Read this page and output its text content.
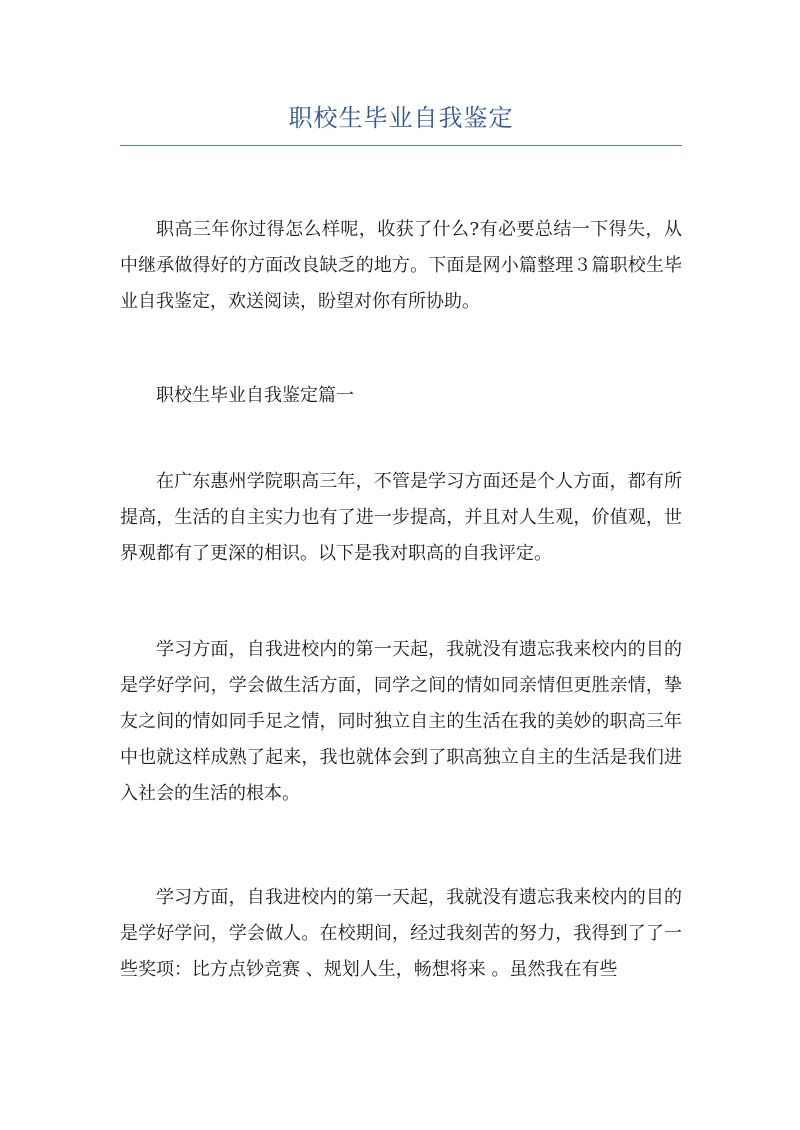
职校生毕业自我鉴定

职高三年你过得怎么样呢，收获了什么?有必要总结一下得失，从中继承做得好的方面改良缺乏的地方。下面是网小篇整理３篇职校生毕业自我鉴定，欢送阅读，盼望对你有所协助。

职校生毕业自我鉴定篇一

在广东惠州学院职高三年，不管是学习方面还是个人方面，都有所提高，生活的自主实力也有了进一步提高，并且对人生观，价值观，世界观都有了更深的相识。以下是我对职高的自我评定。

学习方面，自我进校内的第一天起，我就没有遗忘我来校内的目的是学好学问，学会做生活方面，同学之间的情如同亲情但更胜亲情，挚友之间的情如同手足之情，同时独立自主的生活在我的美妙的职高三年中也就这样成熟了起来，我也就体会到了职高独立自主的生活是我们进入社会的生活的根本。

学习方面，自我进校内的第一天起，我就没有遗忘我来校内的目的是学好学问，学会做人。在校期间，经过我刻苦的努力，我得到了了一些奖项：比方点钞竞赛 、规划人生，畅想将来 。虽然我在有些
